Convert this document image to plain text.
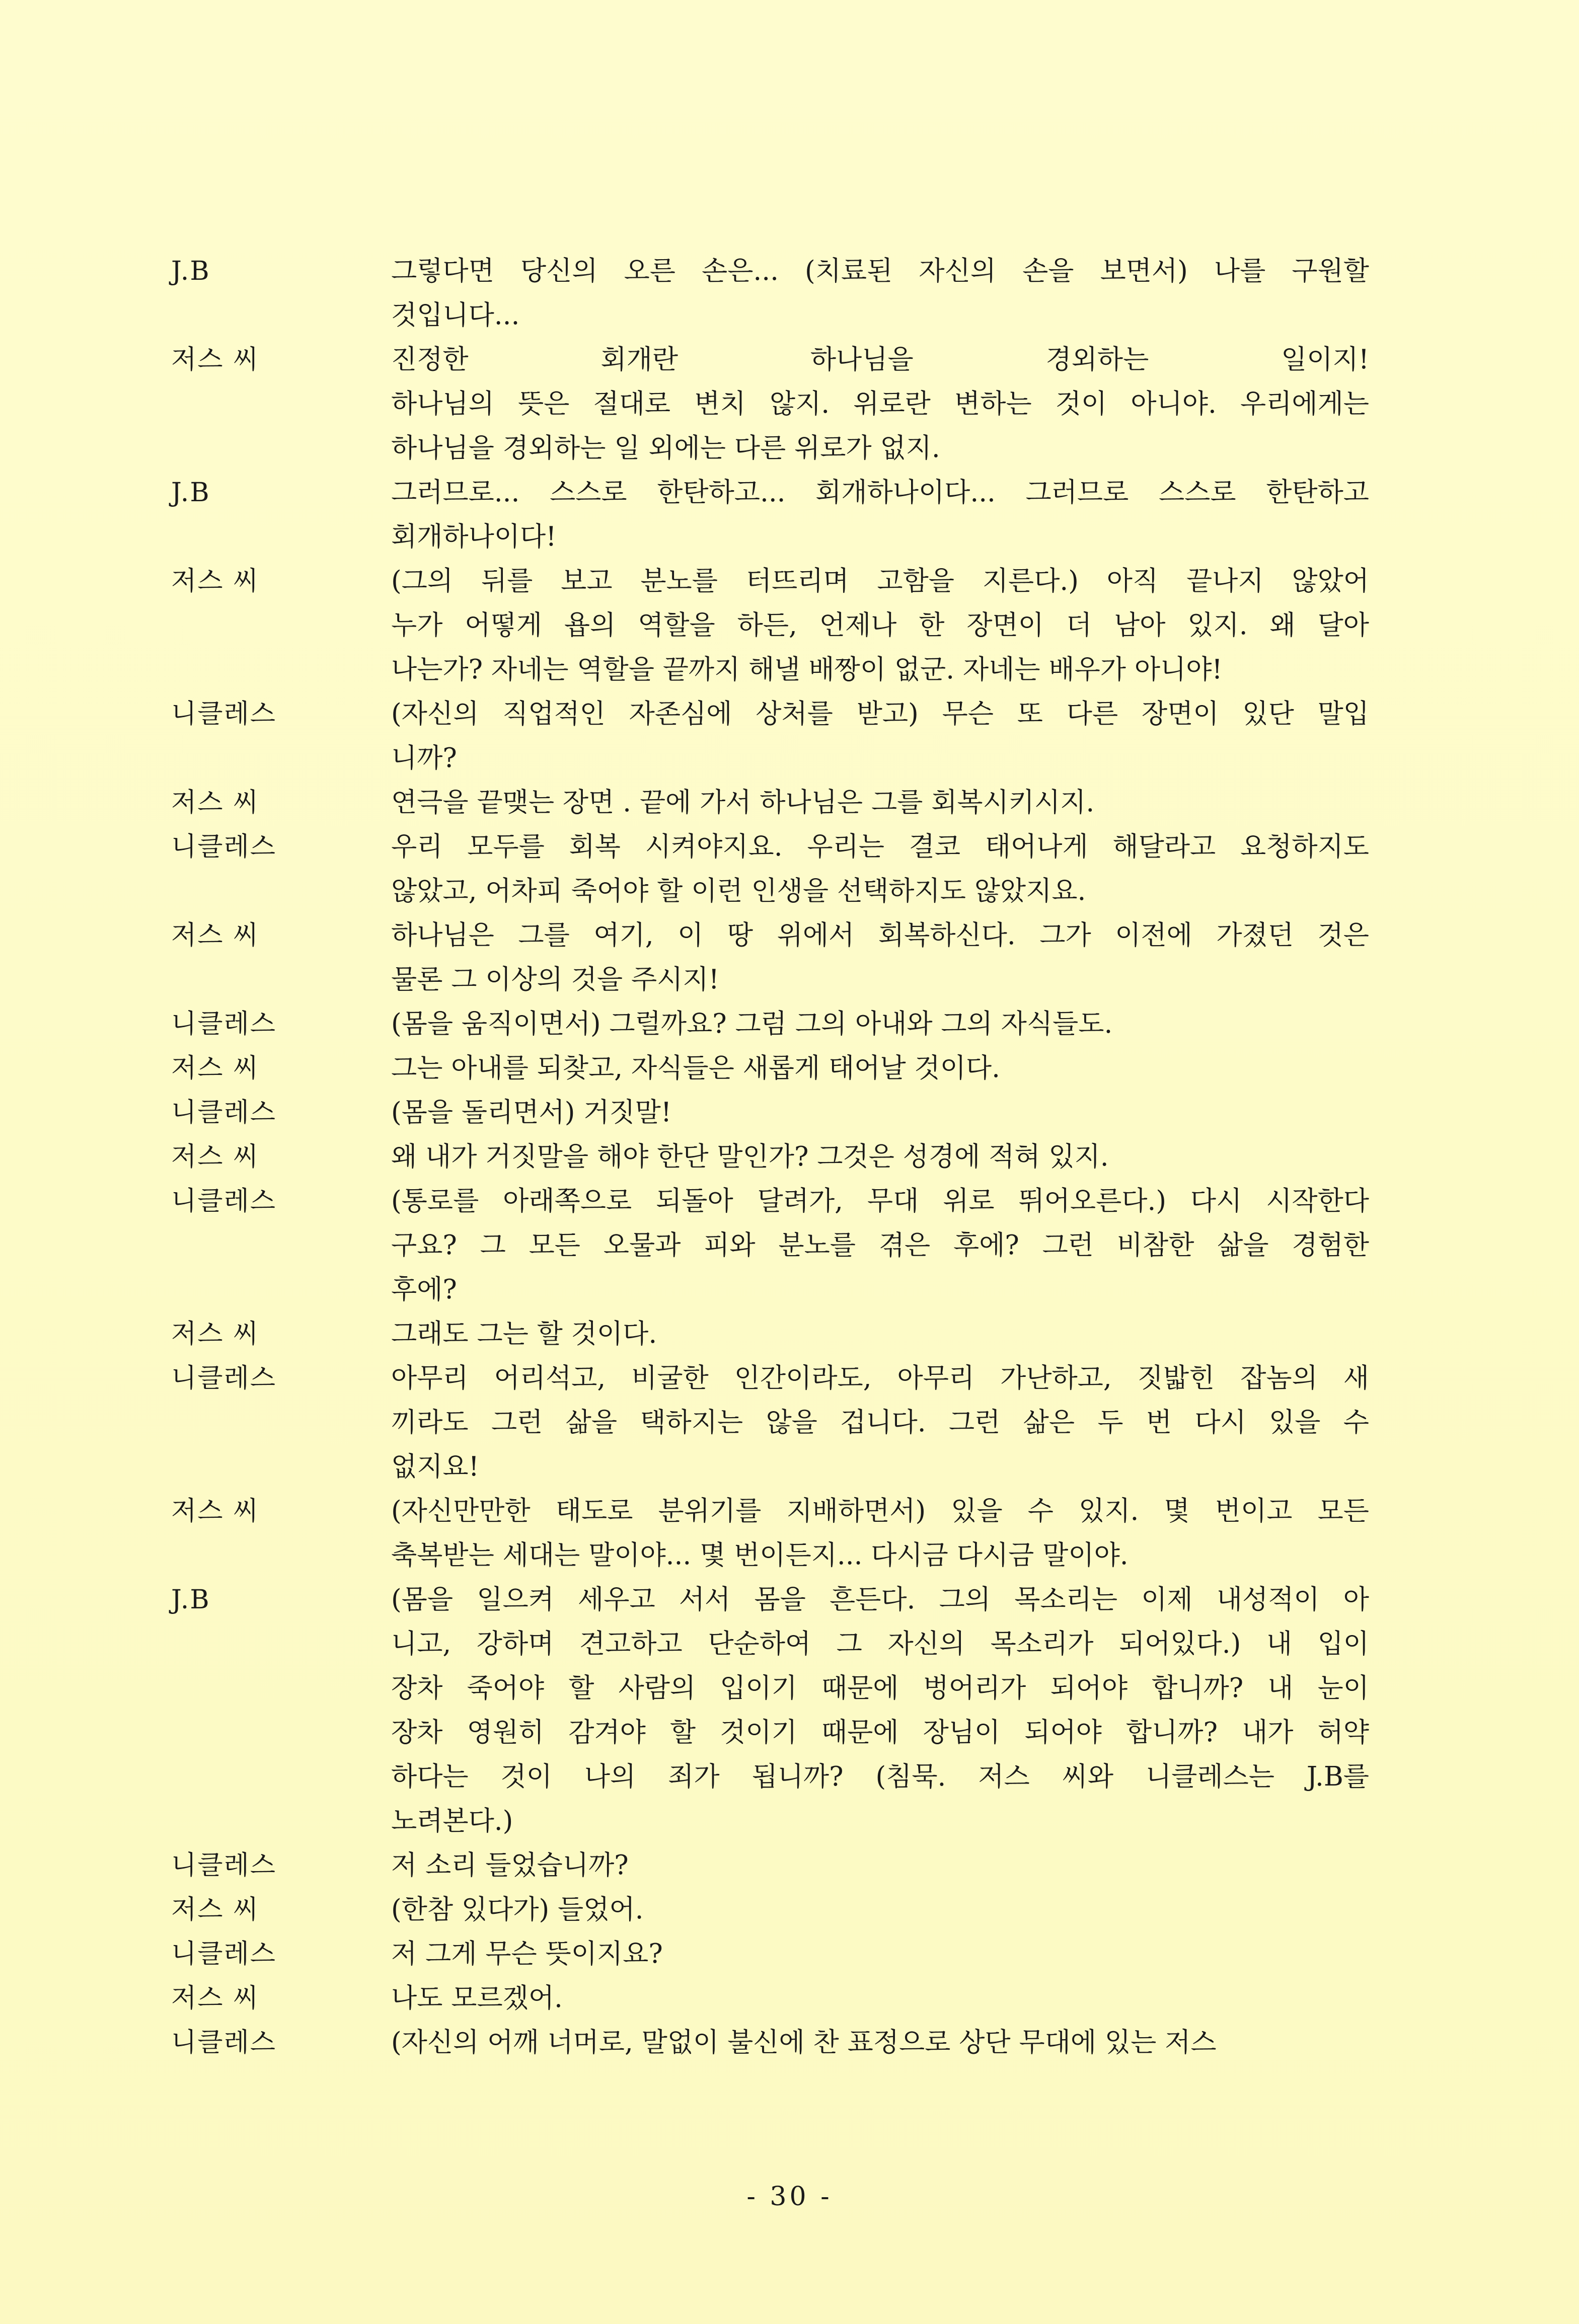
J.B	그렇다면 당신의 오른 손은... (치료된 자신의 손을 보면서) 나를 구원할
것입니다...
저스 씨	진정한 회개란 하나님을 경외하는 일이지!
하나님의 뜻은 절대로 변치 않지. 위로란 변하는 것이 아니야. 우리에게는
하나님을 경외하는 일 외에는 다른 위로가 없지.
J.B	그러므로... 스스로 한탄하고... 회개하나이다... 그러므로 스스로 한탄하고
회개하나이다!
저스 씨	(그의 뒤를 보고 분노를 터뜨리며 고함을 지른다.) 아직 끝나지 않았어
누가 어떻게 욥의 역할을 하든, 언제나 한 장면이 더 남아 있지. 왜 달아
나는가? 자네는 역할을 끝까지 해낼 배짱이 없군. 자네는 배우가 아니야!
니클레스	(자신의 직업적인 자존심에 상처를 받고) 무슨 또 다른 장면이 있단 말입
니까?
저스 씨	연극을 끝맺는 장면 . 끝에 가서 하나님은 그를 회복시키시지.
니클레스	우리 모두를 회복 시켜야지요. 우리는 결코 태어나게 해달라고 요청하지도
않았고, 어차피 죽어야 할 이런 인생을 선택하지도 않았지요.
저스 씨	하나님은 그를 여기, 이 땅 위에서 회복하신다. 그가 이전에 가졌던 것은
물론 그 이상의 것을 주시지!
니클레스	(몸을 움직이면서) 그럴까요? 그럼 그의 아내와 그의 자식들도.
저스 씨	그는 아내를 되찾고, 자식들은 새롭게 태어날 것이다.
니클레스	(몸을 돌리면서) 거짓말!
저스 씨	왜 내가 거짓말을 해야 한단 말인가? 그것은 성경에 적혀 있지.
니클레스	(통로를 아래쪽으로 되돌아 달려가, 무대 위로 뛰어오른다.) 다시 시작한다
구요? 그 모든 오물과 피와 분노를 겪은 후에? 그런 비참한 삶을 경험한
후에?
저스 씨	그래도 그는 할 것이다.
니클레스	아무리 어리석고, 비굴한 인간이라도, 아무리 가난하고, 짓밟힌 잡놈의 새
끼라도 그런 삶을 택하지는 않을 겁니다. 그런 삶은 두 번 다시 있을 수
없지요!
저스 씨	(자신만만한 태도로 분위기를 지배하면서) 있을 수 있지. 몇 번이고 모든
축복받는 세대는 말이야... 몇 번이든지... 다시금 다시금 말이야.
J.B	(몸을 일으켜 세우고 서서 몸을 흔든다. 그의 목소리는 이제 내성적이 아
니고, 강하며 견고하고 단순하여 그 자신의 목소리가 되어있다.) 내 입이
장차 죽어야 할 사람의 입이기 때문에 벙어리가 되어야 합니까? 내 눈이
장차 영원히 감겨야 할 것이기 때문에 장님이 되어야 합니까? 내가 허약
하다는 것이 나의 죄가 됩니까? (침묵. 저스 씨와 니클레스는 J.B를
노려본다.)
니클레스	저 소리 들었습니까?
저스 씨	(한참 있다가) 들었어.
니클레스	저 그게 무슨 뜻이지요?
저스 씨	나도 모르겠어.
니클레스	(자신의 어깨 너머로, 말없이 불신에 찬 표정으로 상단 무대에 있는 저스
- 30 -
